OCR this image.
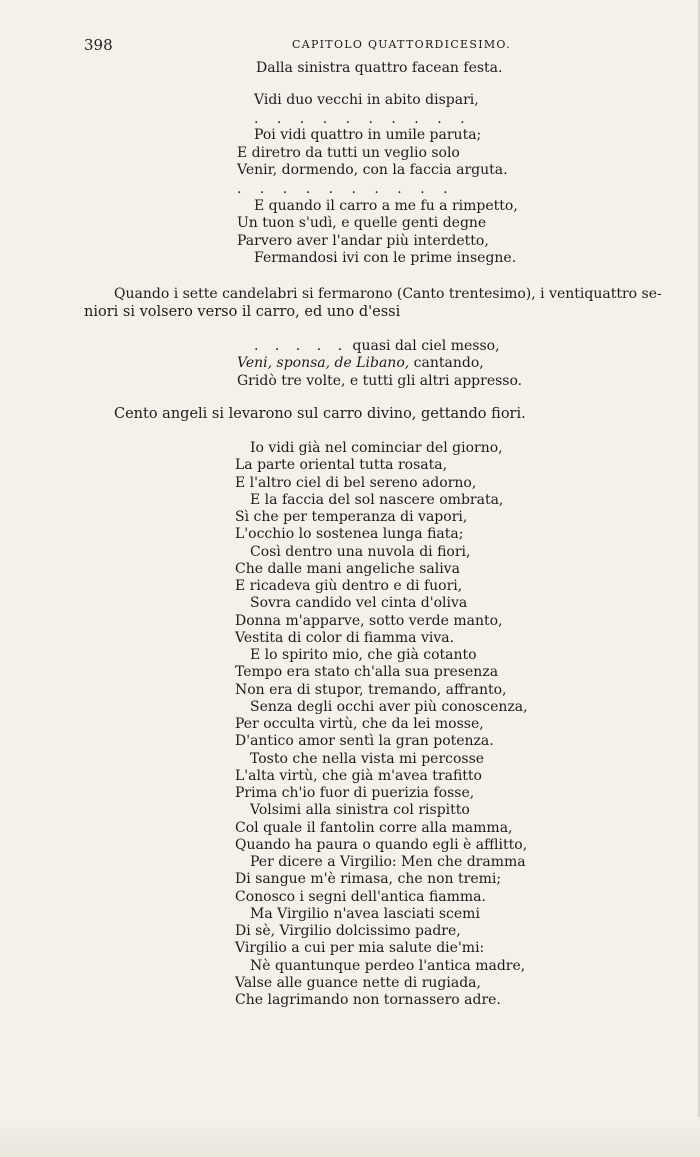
398	CAPITOLO QUATTORDICESIMO.
Dalla sinistra quattro facean festa.
Vidi duo vecchi in abito dispari,
. . . . . . . . . .
Poi vidi quattro in umile paruta;
E diretro da tutti un veglio solo
Venir, dormendo, con la faccia arguta.
. . . . . . . . . .
E quando il carro a me fu a rimpetto,
Un tuon s'udì, e quelle genti degne
Parvero aver l'andar più interdetto,
Fermandosi ivi con le prime insegne.
Quando i sette candelabri si fermarono (Canto trentesimo), i ventiquattro se-
niori si volsero verso il carro, ed uno d'essi
. . . . . quasi dal ciel messo,
Veni, sponsa, de Libano, cantando,
Gridò tre volte, e tutti gli altri appresso.
Cento angeli si levarono sul carro divino, gettando fiori.
Io vidi già nel cominciar del giorno,
La parte oriental tutta rosata,
E l'altro ciel di bel sereno adorno,
E la faccia del sol nascere ombrata,
Sì che per temperanza di vapori,
L'occhio lo sostenea lunga fiata;
Così dentro una nuvola di fiori,
Che dalle mani angeliche saliva
E ricadeva giù dentro e di fuori,
Sovra candido vel cinta d'oliva
Donna m'apparve, sotto verde manto,
Vestita di color di fiamma viva.
E lo spirito mio, che già cotanto
Tempo era stato ch'alla sua presenza
Non era di stupor, tremando, affranto,
Senza degli occhi aver più conoscenza,
Per occulta virtù, che da lei mosse,
D'antico amor sentì la gran potenza.
Tosto che nella vista mi percosse
L'alta virtù, che già m'avea trafitto
Prima ch'io fuor di puerizia fosse,
Volsimi alla sinistra col rispitto
Col quale il fantolin corre alla mamma,
Quando ha paura o quando egli è afflitto,
Per dicere a Virgilio: Men che dramma
Di sangue m'è rimasa, che non tremi;
Conosco i segni dell'antica fiamma.
Ma Virgilio n'avea lasciati scemi
Di sè, Virgilio dolcissimo padre,
Virgilio a cui per mia salute die'mi:
Nè quantunque perdeo l'antica madre,
Valse alle guance nette di rugiada,
Che lagrimando non tornassero adre.
